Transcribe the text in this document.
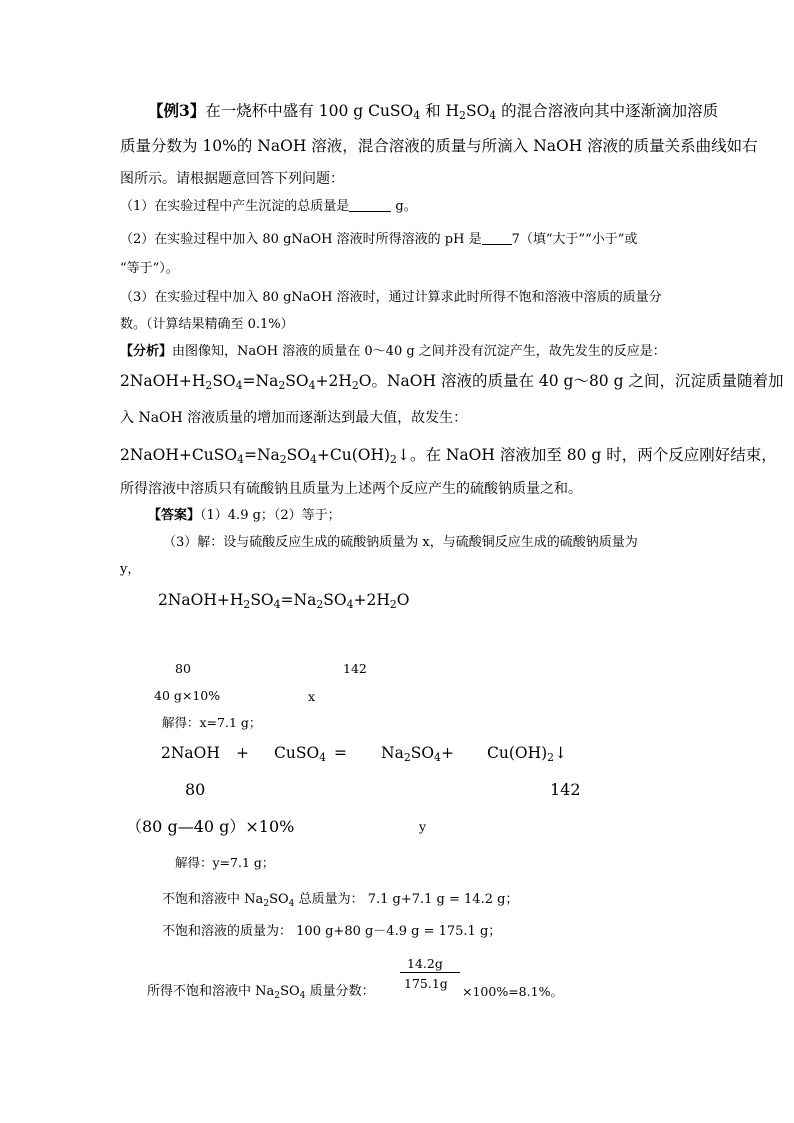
【例3】在一烧杯中盛有 100 g CuSO$_4$ 和 $H_2SO_4$ 的混合溶液向其中逐渐滴加溶质
质量分数为 10%的 NaOH 溶液，混合溶液的质量与所滴入 NaOH 溶液的质量关系曲线如右
图所示。请根据题意回答下列问题：
（1）在实验过程中产生沉淀的总质量是	g。
（2）在实验过程中加入 80 gNaOH 溶液时所得溶液的 pH 是 7（填“大于”“小于”或
“等于”）。
（3）在实验过程中加入 80 gNaOH 溶液时，通过计算求此时所得不饱和溶液中溶质的质量分
数。（计算结果精确至 0.1%）
【分析】由图像知，NaOH 溶液的质量在 0～40 g 之间并没有沉淀产生，故先发生的反应是：
$2NaOH+H_2SO_4=Na_2SO_4+2H_2O$。NaOH 溶液的质量在 40 g～80 g 之间，沉淀质量随着加
入 NaOH 溶液质量的增加而逐渐达到最大值，故发生：
$2NaOH+CuSO_4=Na_2SO_4+Cu(OH)_2↓$。在 NaOH 溶液加至 80 g 时，两个反应刚好结束，
所得溶液中溶质只有硫酸钠且质量为上述两个反应产生的硫酸钠质量之和。
【答案】（1）4.9 g；（2）等于；
（3）解：设与硫酸反应生成的硫酸钠质量为 x，与硫酸铜反应生成的硫酸钠质量为
y，
$2NaOH+H_2SO_4=Na_2SO_4+2H_2O$
80	142
40 g×10%	x
解得：x=7.1 g；
2NaOH + CuSO$_4$ = $Na_2SO_4+$ $Cu(OH)_2↓$
80	142
（80 g—40 g）×10%	y
解得：y=7.1 g；
不饱和溶液中 $Na_2SO_4$ 总质量为： 7.1 g+7.1 g = 14.2 g；
不饱和溶液的质量为： 100 g+80 g－4.9 g = 175.1 g；
14.2g
175.1g
所得不饱和溶液中 $Na_2SO_4$ 质量分数：	×100%=8.1%。
